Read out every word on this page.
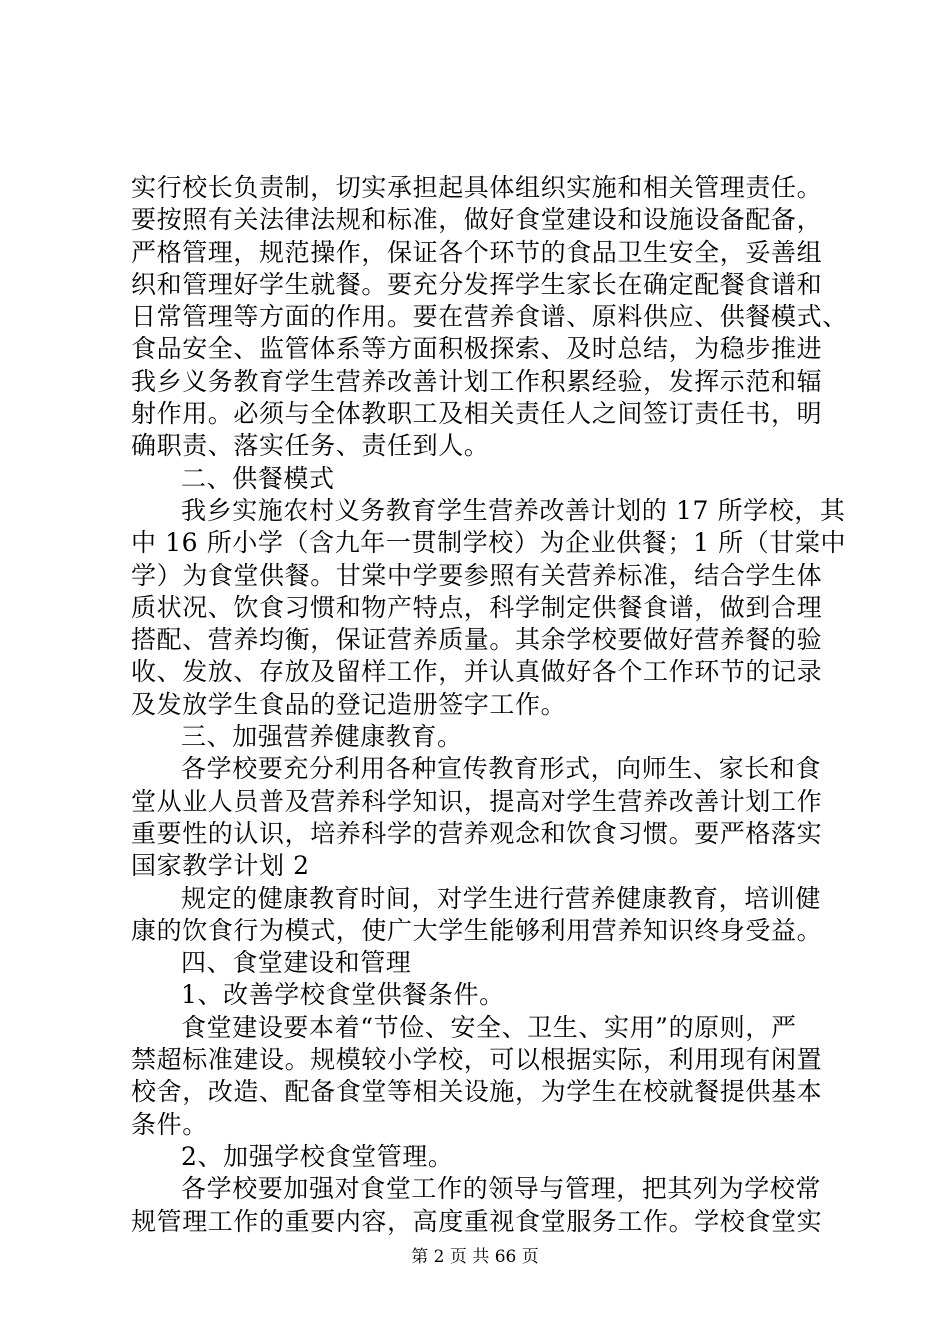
实行校长负责制，切实承担起具体组织实施和相关管理责任。
要按照有关法律法规和标准，做好食堂建设和设施设备配备，
严格管理，规范操作，保证各个环节的食品卫生安全，妥善组
织和管理好学生就餐。要充分发挥学生家长在确定配餐食谱和
日常管理等方面的作用。要在营养食谱、原料供应、供餐模式、
食品安全、监管体系等方面积极探索、及时总结，为稳步推进
我乡义务教育学生营养改善计划工作积累经验，发挥示范和辐
射作用。必须与全体教职工及相关责任人之间签订责任书，明
确职责、落实任务、责任到人。
二、供餐模式
我乡实施农村义务教育学生营养改善计划的 17 所学校，其
中 16 所小学（含九年一贯制学校）为企业供餐；1 所（甘棠中
学）为食堂供餐。甘棠中学要参照有关营养标准，结合学生体
质状况、饮食习惯和物产特点，科学制定供餐食谱，做到合理
搭配、营养均衡，保证营养质量。其余学校要做好营养餐的验
收、发放、存放及留样工作，并认真做好各个工作环节的记录
及发放学生食品的登记造册签字工作。
三、加强营养健康教育。
各学校要充分利用各种宣传教育形式，向师生、家长和食
堂从业人员普及营养科学知识，提高对学生营养改善计划工作
重要性的认识，培养科学的营养观念和饮食习惯。要严格落实
国家教学计划 2
规定的健康教育时间，对学生进行营养健康教育，培训健
康的饮食行为模式，使广大学生能够利用营养知识终身受益。
四、食堂建设和管理
1、改善学校食堂供餐条件。
食堂建设要本着“节俭、安全、卫生、实用”的原则，严
禁超标准建设。规模较小学校，可以根据实际，利用现有闲置
校舍，改造、配备食堂等相关设施，为学生在校就餐提供基本
条件。
2、加强学校食堂管理。
各学校要加强对食堂工作的领导与管理，把其列为学校常
规管理工作的重要内容，高度重视食堂服务工作。学校食堂实
第 2 页 共 66 页
